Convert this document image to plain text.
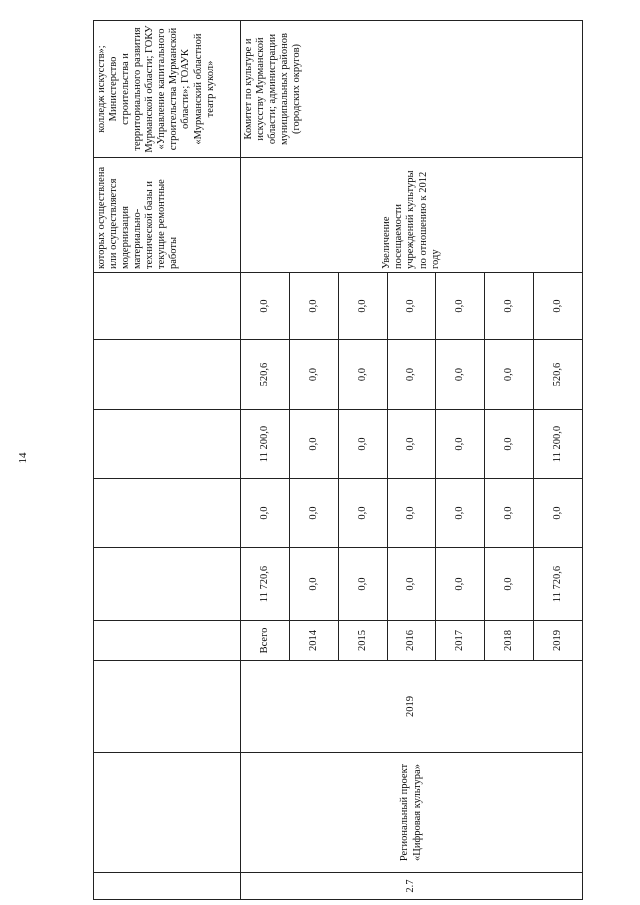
14
									которых осуществлена или осуществляется модернизация материально-технической базы и текущие ремонтные работы	колледж искусств»; Министерство строительства и территориального развития Мурманской области; ГОКУ «Управление капитального строительства Мурманской области»; ГОАУК «Мурманский областной театр кукол»
2.7	Региональный проект «Цифровая культура»	2019	Всего	11 720,6	0,0	11 200,0	520,6	0,0	Увеличение посещаемости учреждений культуры по отношению к 2012 году	Комитет по культуре и искусству Мурманской области; администрации муниципальных районов (городских округов)
			2014	0,0	0,0	0,0	0,0	0,0		
			2015	0,0	0,0	0,0	0,0	0,0		
			2016	0,0	0,0	0,0	0,0	0,0		
			2017	0,0	0,0	0,0	0,0	0,0		
			2018	0,0	0,0	0,0	0,0	0,0		
			2019	11 720,6	0,0	11 200,0	520,6	0,0		
